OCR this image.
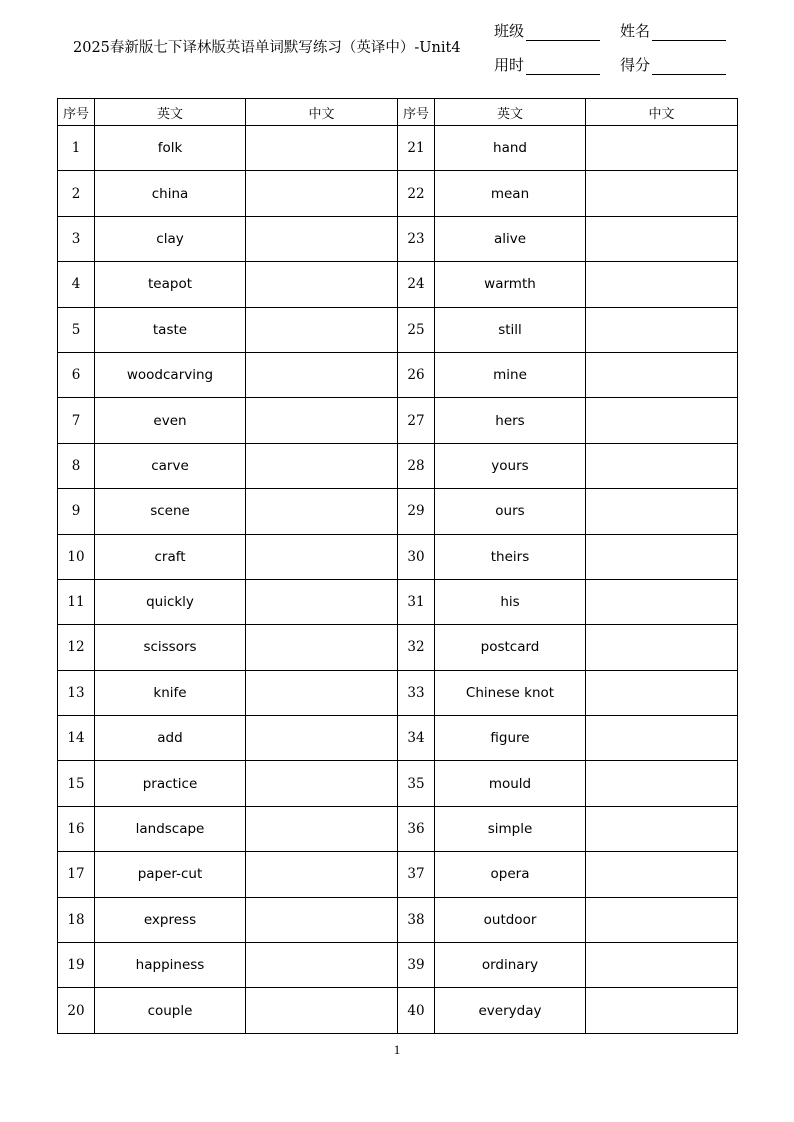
2025春新版七下译林版英语单词默写练习（英译中）-Unit4
班级	姓名
用时	得分
序号	英文	中文	序号	英文	中文
1	folk		21	hand	
2	china		22	mean	
3	clay		23	alive	
4	teapot		24	warmth	
5	taste		25	still	
6	woodcarving		26	mine	
7	even		27	hers	
8	carve		28	yours	
9	scene		29	ours	
10	craft		30	theirs	
11	quickly		31	his	
12	scissors		32	postcard	
13	knife		33	Chinese knot	
14	add		34	figure	
15	practice		35	mould	
16	landscape		36	simple	
17	paper-cut		37	opera	
18	express		38	outdoor	
19	happiness		39	ordinary	
20	couple		40	everyday	
1
